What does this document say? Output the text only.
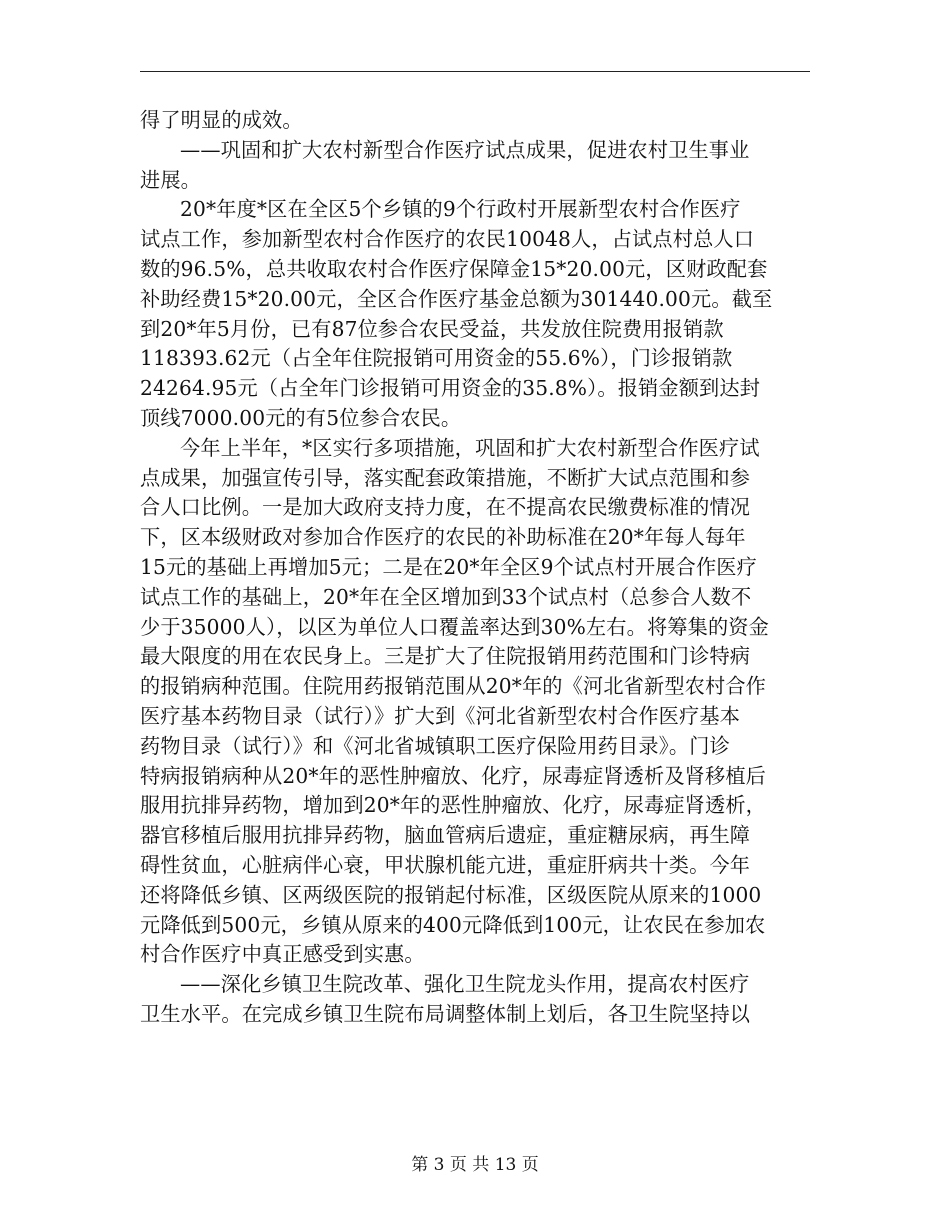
得了明显的成效。
——巩固和扩大农村新型合作医疗试点成果，促进农村卫生事业
进展。
20*年度*区在全区5个乡镇的9个行政村开展新型农村合作医疗
试点工作，参加新型农村合作医疗的农民10048人，占试点村总人口
数的96.5%，总共收取农村合作医疗保障金15*20.00元，区财政配套
补助经费15*20.00元，全区合作医疗基金总额为301440.00元。截至
到20*年5月份，已有87位参合农民受益，共发放住院费用报销款
118393.62元（占全年住院报销可用资金的55.6%），门诊报销款
24264.95元（占全年门诊报销可用资金的35.8%）。报销金额到达封
顶线7000.00元的有5位参合农民。
今年上半年，*区实行多项措施，巩固和扩大农村新型合作医疗试
点成果，加强宣传引导，落实配套政策措施，不断扩大试点范围和参
合人口比例。一是加大政府支持力度，在不提高农民缴费标准的情况
下，区本级财政对参加合作医疗的农民的补助标准在20*年每人每年
15元的基础上再增加5元；二是在20*年全区9个试点村开展合作医疗
试点工作的基础上，20*年在全区增加到33个试点村（总参合人数不
少于35000人），以区为单位人口覆盖率达到30%左右。将筹集的资金
最大限度的用在农民身上。三是扩大了住院报销用药范围和门诊特病
的报销病种范围。住院用药报销范围从20*年的《河北省新型农村合作
医疗基本药物目录（试行）》扩大到《河北省新型农村合作医疗基本
药物目录（试行）》和《河北省城镇职工医疗保险用药目录》。门诊
特病报销病种从20*年的恶性肿瘤放、化疗，尿毒症肾透析及肾移植后
服用抗排异药物，增加到20*年的恶性肿瘤放、化疗，尿毒症肾透析，
器官移植后服用抗排异药物，脑血管病后遗症，重症糖尿病，再生障
碍性贫血，心脏病伴心衰，甲状腺机能亢进，重症肝病共十类。今年
还将降低乡镇、区两级医院的报销起付标准，区级医院从原来的1000
元降低到500元，乡镇从原来的400元降低到100元，让农民在参加农
村合作医疗中真正感受到实惠。
——深化乡镇卫生院改革、强化卫生院龙头作用，提高农村医疗
卫生水平。在完成乡镇卫生院布局调整体制上划后，各卫生院坚持以
第 3 页 共 13 页
